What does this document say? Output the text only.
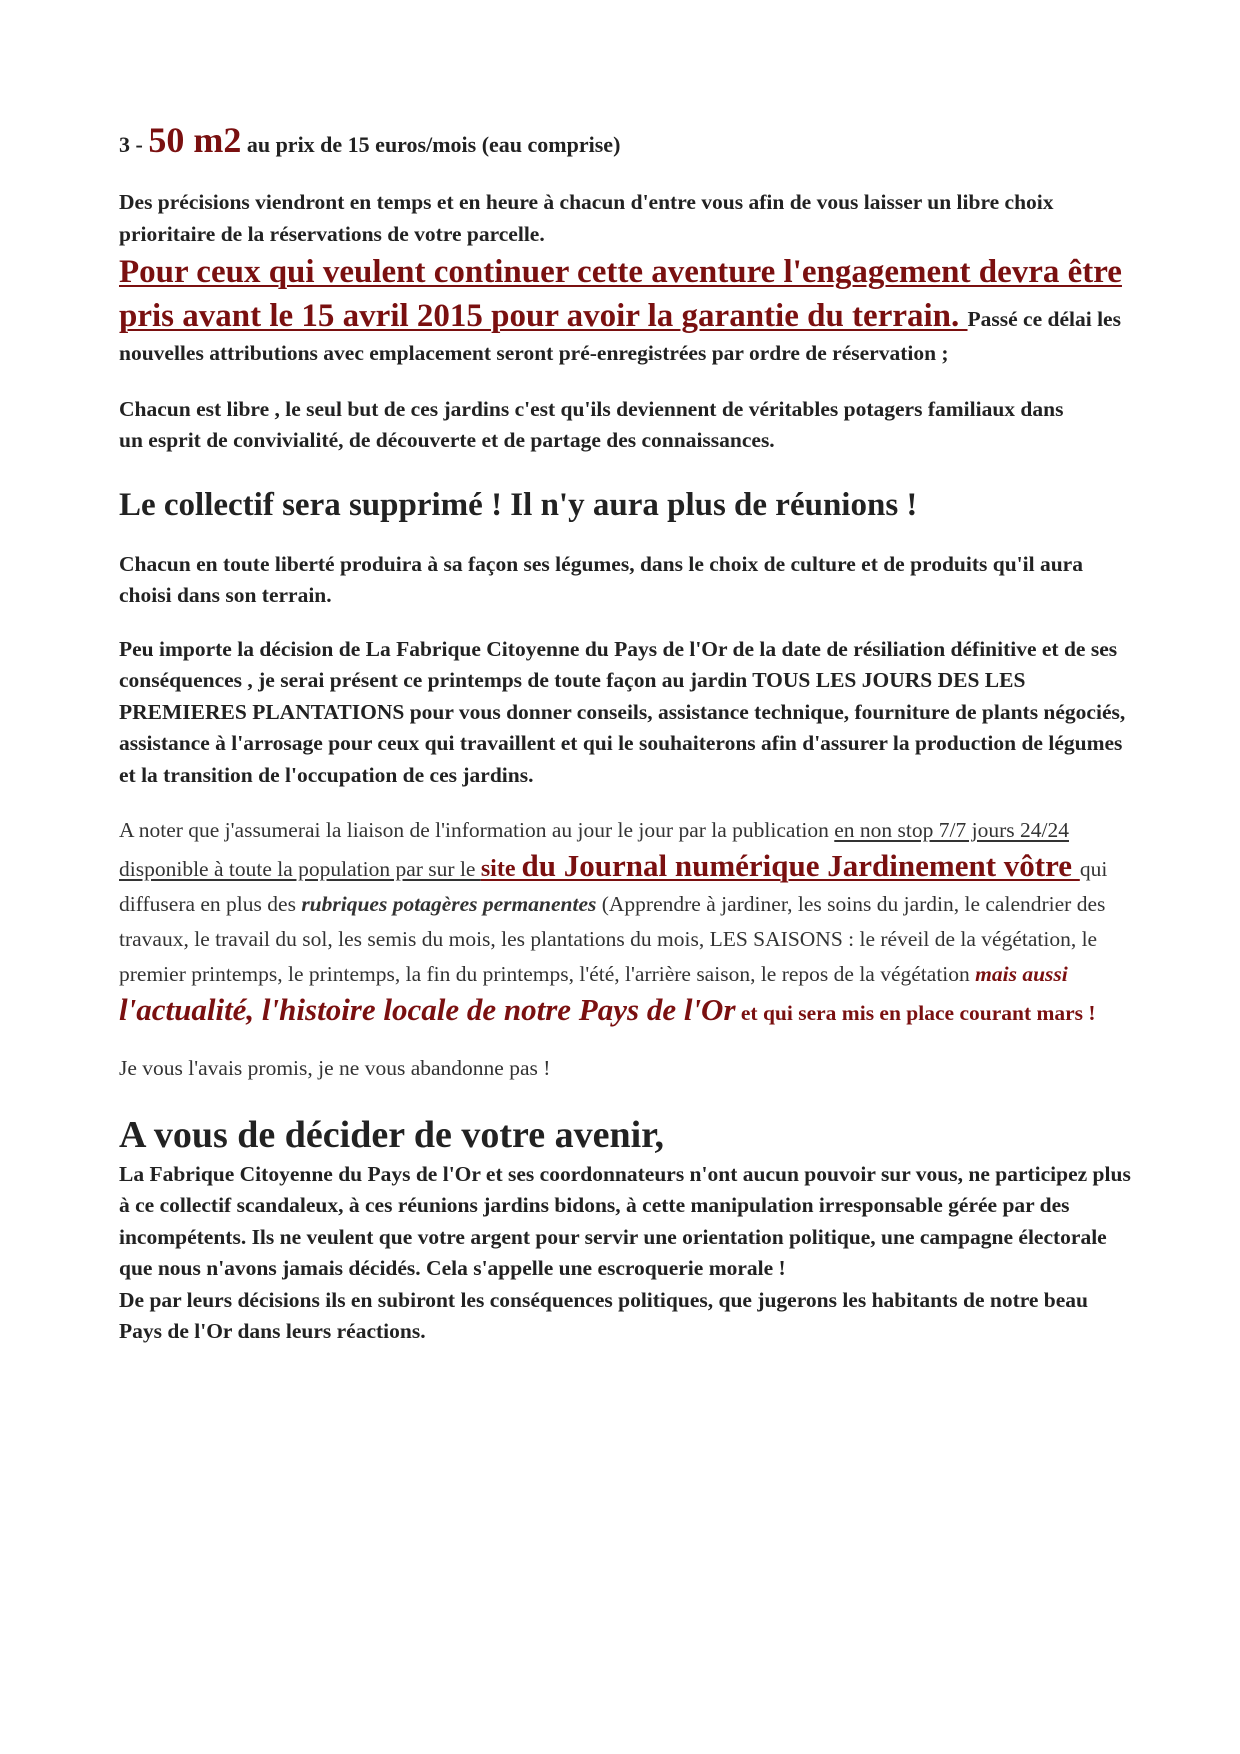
3 - 50 m2 au prix de 15 euros/mois (eau comprise)

Des précisions viendront en temps et en heure à chacun d'entre vous afin de vous laisser un libre choix prioritaire de la réservations de votre parcelle.

Pour ceux qui veulent continuer cette aventure l'engagement devra être pris avant le 15 avril 2015 pour avoir la garantie du terrain. Passé ce délai les nouvelles attributions avec emplacement seront pré-enregistrées par ordre de réservation ;

Chacun est libre , le seul but de ces jardins c'est qu'ils deviennent de véritables potagers familiaux dans un esprit de convivialité, de découverte et de partage des connaissances.

Le collectif sera supprimé ! Il n'y aura plus de réunions !

Chacun en toute liberté produira à sa façon ses légumes, dans le choix de culture et de produits qu'il aura choisi dans son terrain.

Peu importe la décision de La Fabrique Citoyenne du Pays de l'Or de la date de résiliation définitive et de ses conséquences , je serai présent ce printemps de toute façon au jardin TOUS LES JOURS DES LES PREMIERES PLANTATIONS pour vous donner conseils, assistance technique, fourniture de plants négociés, assistance à l'arrosage pour ceux qui travaillent et qui le souhaiterons afin d'assurer la production de légumes et la transition de l'occupation de ces jardins.

A noter que j'assumerai la liaison de l'information au jour le jour par la publication en non stop 7/7 jours 24/24 disponible à toute la population par sur le site du Journal numérique Jardinement vôtre qui diffusera en plus des rubriques potagères permanentes (Apprendre à jardiner, les soins du jardin, le calendrier des travaux, le travail du sol, les semis du mois, les plantations du mois, LES SAISONS : le réveil de la végétation, le premier printemps, le printemps, la fin du printemps, l'été, l'arrière saison, le repos de la végétation mais aussi l'actualité, l'histoire locale de notre Pays de l'Or et qui sera mis en place courant mars !

Je vous l'avais promis, je ne vous abandonne pas !

A vous de décider de votre avenir,

La Fabrique Citoyenne du Pays de l'Or et ses coordonnateurs n'ont aucun pouvoir sur vous, ne participez plus à ce collectif scandaleux, à ces réunions jardins bidons, à cette manipulation irresponsable gérée par des incompétents. Ils ne veulent que votre argent pour servir une orientation politique, une campagne électorale que nous n'avons jamais décidés. Cela s'appelle une escroquerie morale !

De par leurs décisions ils en subiront les conséquences politiques, que jugerons les habitants de notre beau Pays de l'Or dans leurs réactions.
